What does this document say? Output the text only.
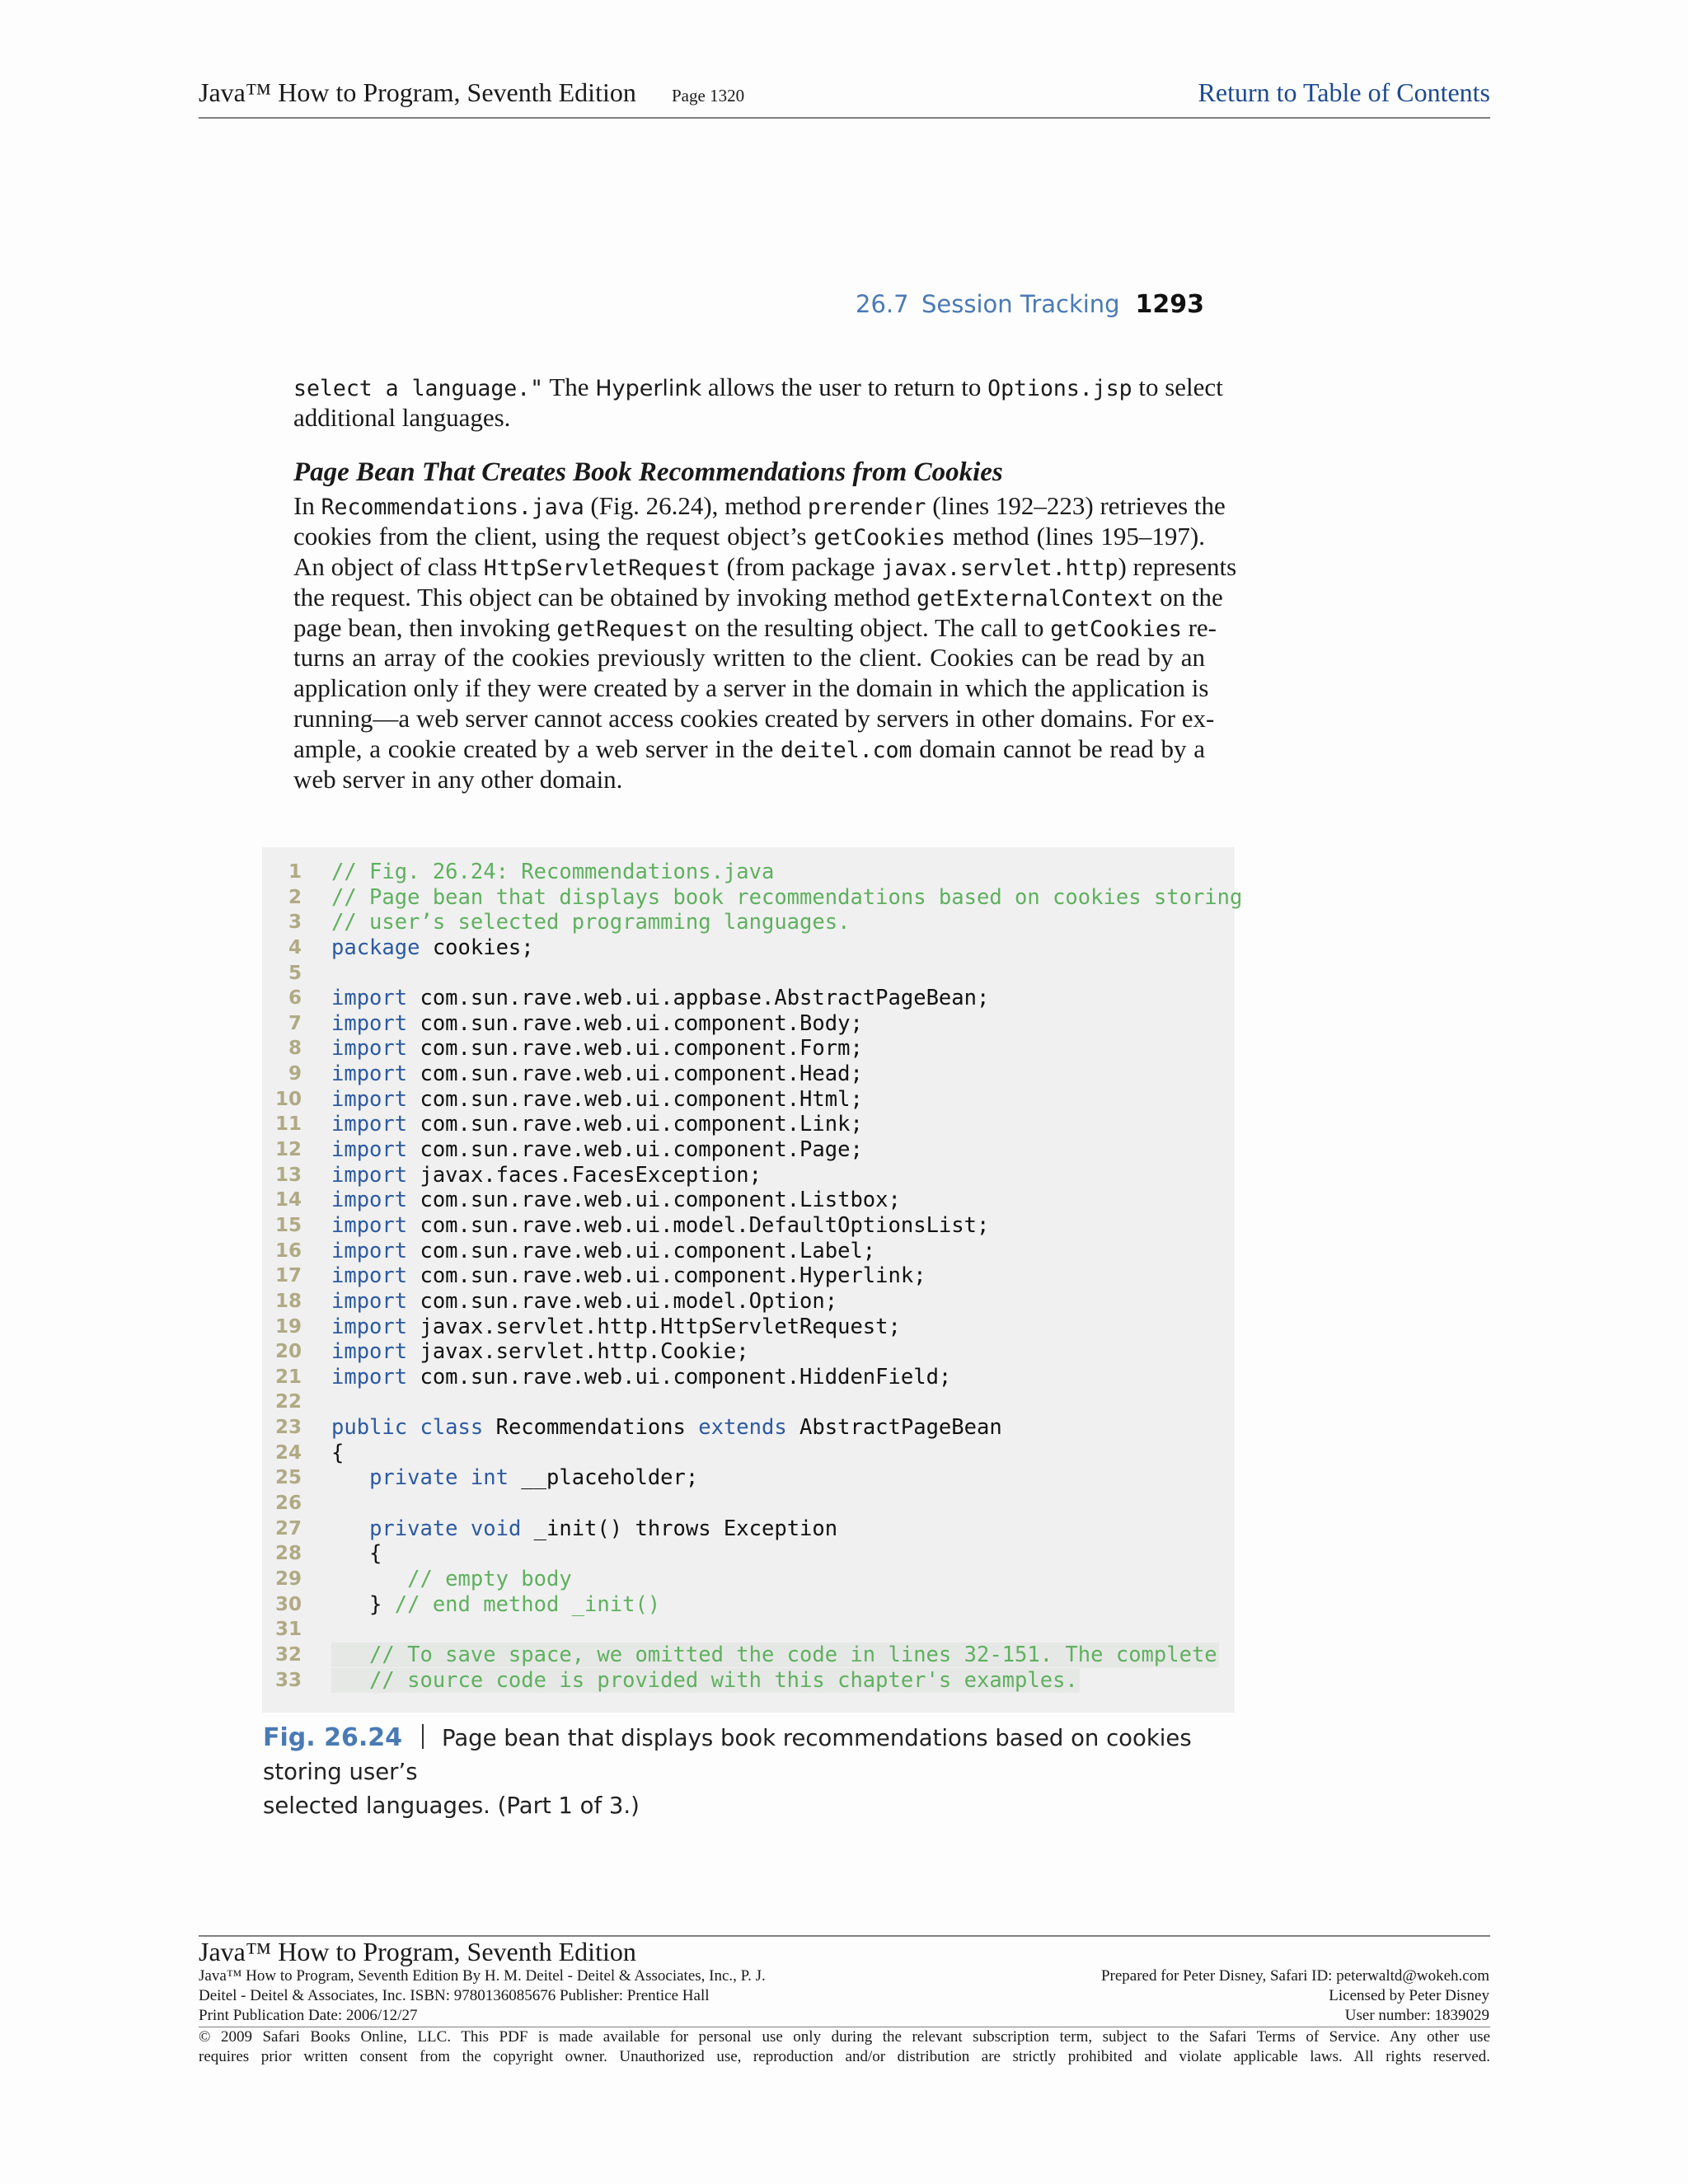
Java™ How to Program, Seventh Edition Page 1320	Return to Table of Contents
26.7 Session Tracking 1293
select a language." The Hyperlink allows the user to return to Options.jsp to select
additional languages.
Page Bean That Creates Book Recommendations from Cookies
In Recommendations.java (Fig. 26.24), method prerender (lines 192–223) retrieves the
cookies from the client, using the request object’s getCookies method (lines 195–197).
An object of class HttpServletRequest (from package javax.servlet.http) represents
the request. This object can be obtained by invoking method getExternalContext on the
page bean, then invoking getRequest on the resulting object. The call to getCookies re-
turns an array of the cookies previously written to the client. Cookies can be read by an
application only if they were created by a server in the domain in which the application is
running—a web server cannot access cookies created by servers in other domains. For ex-
ample, a cookie created by a web server in the deitel.com domain cannot be read by a
web server in any other domain.
1 // Fig. 26.24: Recommendations.java
2 // Page bean that displays book recommendations based on cookies storing
3 // user’s selected programming languages.
4 package cookies;
5
6 import com.sun.rave.web.ui.appbase.AbstractPageBean;
7 import com.sun.rave.web.ui.component.Body;
8 import com.sun.rave.web.ui.component.Form;
9 import com.sun.rave.web.ui.component.Head;
10 import com.sun.rave.web.ui.component.Html;
11 import com.sun.rave.web.ui.component.Link;
12 import com.sun.rave.web.ui.component.Page;
13 import javax.faces.FacesException;
14 import com.sun.rave.web.ui.component.Listbox;
15 import com.sun.rave.web.ui.model.DefaultOptionsList;
16 import com.sun.rave.web.ui.component.Label;
17 import com.sun.rave.web.ui.component.Hyperlink;
18 import com.sun.rave.web.ui.model.Option;
19 import javax.servlet.http.HttpServletRequest;
20 import javax.servlet.http.Cookie;
21 import com.sun.rave.web.ui.component.HiddenField;
22
23 public class Recommendations extends AbstractPageBean
24 {
25	private int __placeholder;
26
27	private void _init() throws Exception
28 {
29 // empty body
30 } // end method _init()
31
32 // To save space, we omitted the code in lines 32-151. The complete
33 // source code is provided with this chapter's examples.
Fig. 26.24 Page bean that displays book recommendations based on cookies storing user’s
selected languages. (Part 1 of 3.)
Java™ How to Program, Seventh Edition
Java™ How to Program, Seventh Edition By H. M. Deitel - Deitel & Associates, Inc., P. J.
Deitel - Deitel & Associates, Inc. ISBN: 9780136085676 Publisher: Prentice Hall
Print Publication Date: 2006/12/27
Prepared for Peter Disney, Safari ID: peterwaltd@wokeh.com
Licensed by Peter Disney
User number: 1839029
© 2009 Safari Books Online, LLC. This PDF is made available for personal use only during the relevant subscription term, subject to the Safari Terms of Service. Any other use
requires prior written consent from the copyright owner. Unauthorized use, reproduction and/or distribution are strictly prohibited and violate applicable laws. All rights reserved.
